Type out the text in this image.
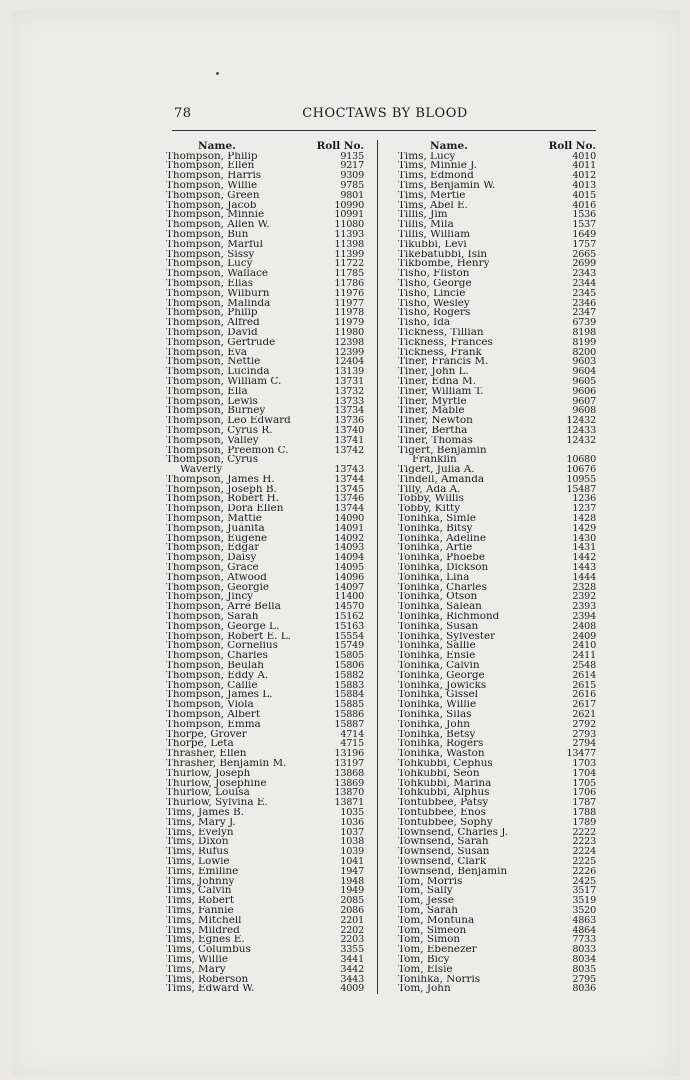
78	CHOCTAWS BY BLOOD
Name.	Roll No.
Thompson, Philip	9135
Thompson, Ellen	9217
Thompson, Harris	9309
Thompson, Willie	9785
Thompson, Green	9801
Thompson, Jacob	10990
Thompson, Minnie	10991
Thompson, Allen W.	11080
Thompson, Bun	11393
Thompson, Marful	11398
Thompson, Sissy	11399
Thompson, Lucy	11722
Thompson, Wallace	11785
Thompson, Elias	11786
Thompson, Wilburn	11976
Thompson, Malinda	11977
Thompson, Philip	11978
Thompson, Alfred	11979
Thompson, David	11980
Thompson, Gertrude	12398
Thompson, Eva	12399
Thompson, Nettie	12404
Thompson, Lucinda	13139
Thompson, William C.	13731
Thompson, Ella	13732
Thompson, Lewis	13733
Thompson, Burney	13734
Thompson, Leo Edward	13736
Thompson, Cyrus R.	13740
Thompson, Valley	13741
Thompson, Preemon C.	13742
Thompson, Cyrus
Waverly	13743
Thompson, James H.	13744
Thompson, Joseph B.	13745
Thompson, Robert H.	13746
Thompson, Dora Ellen	13744
Thompson, Mattie	14090
Thompson, Juanita	14091
Thompson, Eugene	14092
Thompson, Edgar	14093
Thompson, Daisy	14094
Thompson, Grace	14095
Thompson, Atwood	14096
Thompson, Georgie	14097
Thompson, Jincy	11400
Thompson, Arre Bella	14570
Thompson, Sarah	15162
Thompson, George L.	15163
Thompson, Robert E. L.	15554
Thompson, Cornelius	15749
Thompson, Charles	15805
Thompson, Beulah	15806
Thompson, Eddy A.	15882
Thompson, Callie	15883
Thompson, James L.	15884
Thompson, Viola	15885
Thompson, Albert	15886
Thompson, Emma	15887
Thorpe, Grover	4714
Thorpe, Leta	4715
Thrasher, Ellen	13196
Thrasher, Benjamin M.	13197
Thurlow, Joseph	13868
Thurlow, Josephine	13869
Thurlow, Louisa	13870
Thurlow, Sylvina E.	13871
Tims, James B.	1035
Tims, Mary J.	1036
Tims, Evelyn	1037
Tims, Dixon	1038
Tims, Rufus	1039
Tims, Lowie	1041
Tims, Emiline	1947
Tims, Johnny	1948
Tims, Calvin	1949
Tims, Robert	2085
Tims, Fannie	2086
Tims, Mitchell	2201
Tims, Mildred	2202
Tims, Egnes E.	2203
Tims, Columbus	3355
Tims, Willie	3441
Tims, Mary	3442
Tims, Roberson	3443
Tims, Edward W.	4009
Name.	Roll No.
Tims, Lucy	4010
Tims, Minnie J.	4011
Tims, Edmond	4012
Tims, Benjamin W.	4013
Tims, Mertie	4015
Tims, Abel E.	4016
Tillis, Jim	1536
Tillis, Mila	1537
Tillis, William	1649
Tikubbi, Levi	1757
Tikebatubbi, Isin	2665
Tikbombe, Henry	2699
Tisho, Fliston	2343
Tisho, George	2344
Tisho, Lincie	2345
Tisho, Wesley	2346
Tisho, Rogers	2347
Tisho, Ida	6739
Tickness, Tillian	8198
Tickness, Frances	8199
Tickness, Frank	8200
Tiner, Francis M.	9603
Tiner, John L.	9604
Tiner, Edna M.	9605
Tiner, William T.	9606
Tiner, Myrtle	9607
Tiner, Mable	9608
Tiner, Newton	12432
Tiner, Bertha	12433
Tiner, Thomas	12432
Tigert, Benjamin
Franklin	10680
Tigert, Julia A.	10676
Tindell, Amanda	10955
Tilly, Ada A.	15487
Tobby, Willis	1236
Tobby, Kitty	1237
Tonihka, Simle	1428
Tonihka, Bitsy	1429
Tonihka, Adeline	1430
Tonihka, Artie	1431
Tonihka, Phoebe	1442
Tonihka, Dickson	1443
Tonihka, Lina	1444
Tonihka, Charles	2328
Tonihka, Otson	2392
Tonihka, Salean	2393
Tonihka, Richmond	2394
Tonihka, Susan	2408
Tonihka, Sylvester	2409
Tonihka, Sallie	2410
Tonihka, Ensie	2411
Tonihka, Calvin	2548
Tonihka, George	2614
Tonihka, Jowicks	2615
Tonihka, Gissel	2616
Tonihka, Willie	2617
Tonihka, Silas	2621
Tonihka, John	2792
Tonihka, Betsy	2793
Tonihka, Rogers	2794
Tonihka, Waston	13477
Tohkubbi, Cephus	1703
Tohkubbi, Seon	1704
Tohkubbi, Marina	1705
Tohkubbi, Alphus	1706
Tontubbee, Patsy	1787
Tontubbee, Enos	1788
Tontubbee, Sophy	1789
Townsend, Charles J.	2222
Townsend, Sarah	2223
Townsend, Susan	2224
Townsend, Clark	2225
Townsend, Benjamin	2226
Tom, Morris	2425
Tom, Sally	3517
Tom, Jesse	3519
Tom, Sarah	3520
Tom, Montuna	4863
Tom, Simeon	4864
Tom, Simon	7733
Tom, Ebenezer	8033
Tom, Bicy	8034
Tom, Elsie	8035
Tonihka, Norris	2795
Tom, John	8036
